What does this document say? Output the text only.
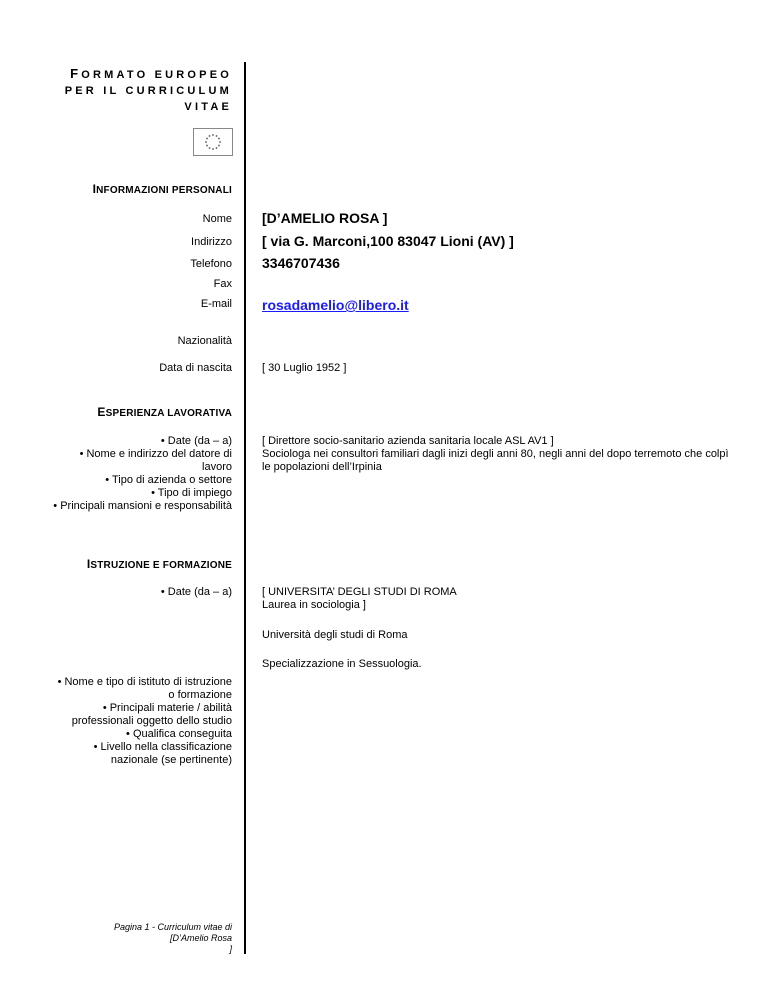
FORMATO EUROPEO
PER IL CURRICULUM
VITAE
INFORMAZIONI PERSONALI
Nome
Indirizzo
Telefono
Fax
E-mail
Nazionalità
Data di nascita
[D’AMELIO ROSA ]
[ via G. Marconi,100 83047 Lioni (AV) ]
3346707436
rosadamelio@libero.it
[ 30 Luglio 1952 ]
ESPERIENZA LAVORATIVA
• Date (da – a)
• Nome e indirizzo del datore di
lavoro
• Tipo di azienda o settore
• Tipo di impiego
• Principali mansioni e responsabilità
[ Direttore socio-sanitario azienda sanitaria locale ASL AV1 ]
Sociologa nei consultori familiari dagli inizi degli anni 80, negli anni del dopo terremoto che colpì
le popolazioni dell’Irpinia
ISTRUZIONE E FORMAZIONE
• Date (da – a)	[ UNIVERSITA’ DEGLI STUDI DI ROMA
Laurea in sociologia ]
Università degli studi di Roma
Specializzazione in Sessuologia.
• Nome e tipo di istituto di istruzione
o formazione
• Principali materie / abilità
professionali oggetto dello studio
• Qualifica conseguita
• Livello nella classificazione
nazionale (se pertinente)
Pagina 1 - Curriculum vitae di
[D’Amelio Rosa
]
